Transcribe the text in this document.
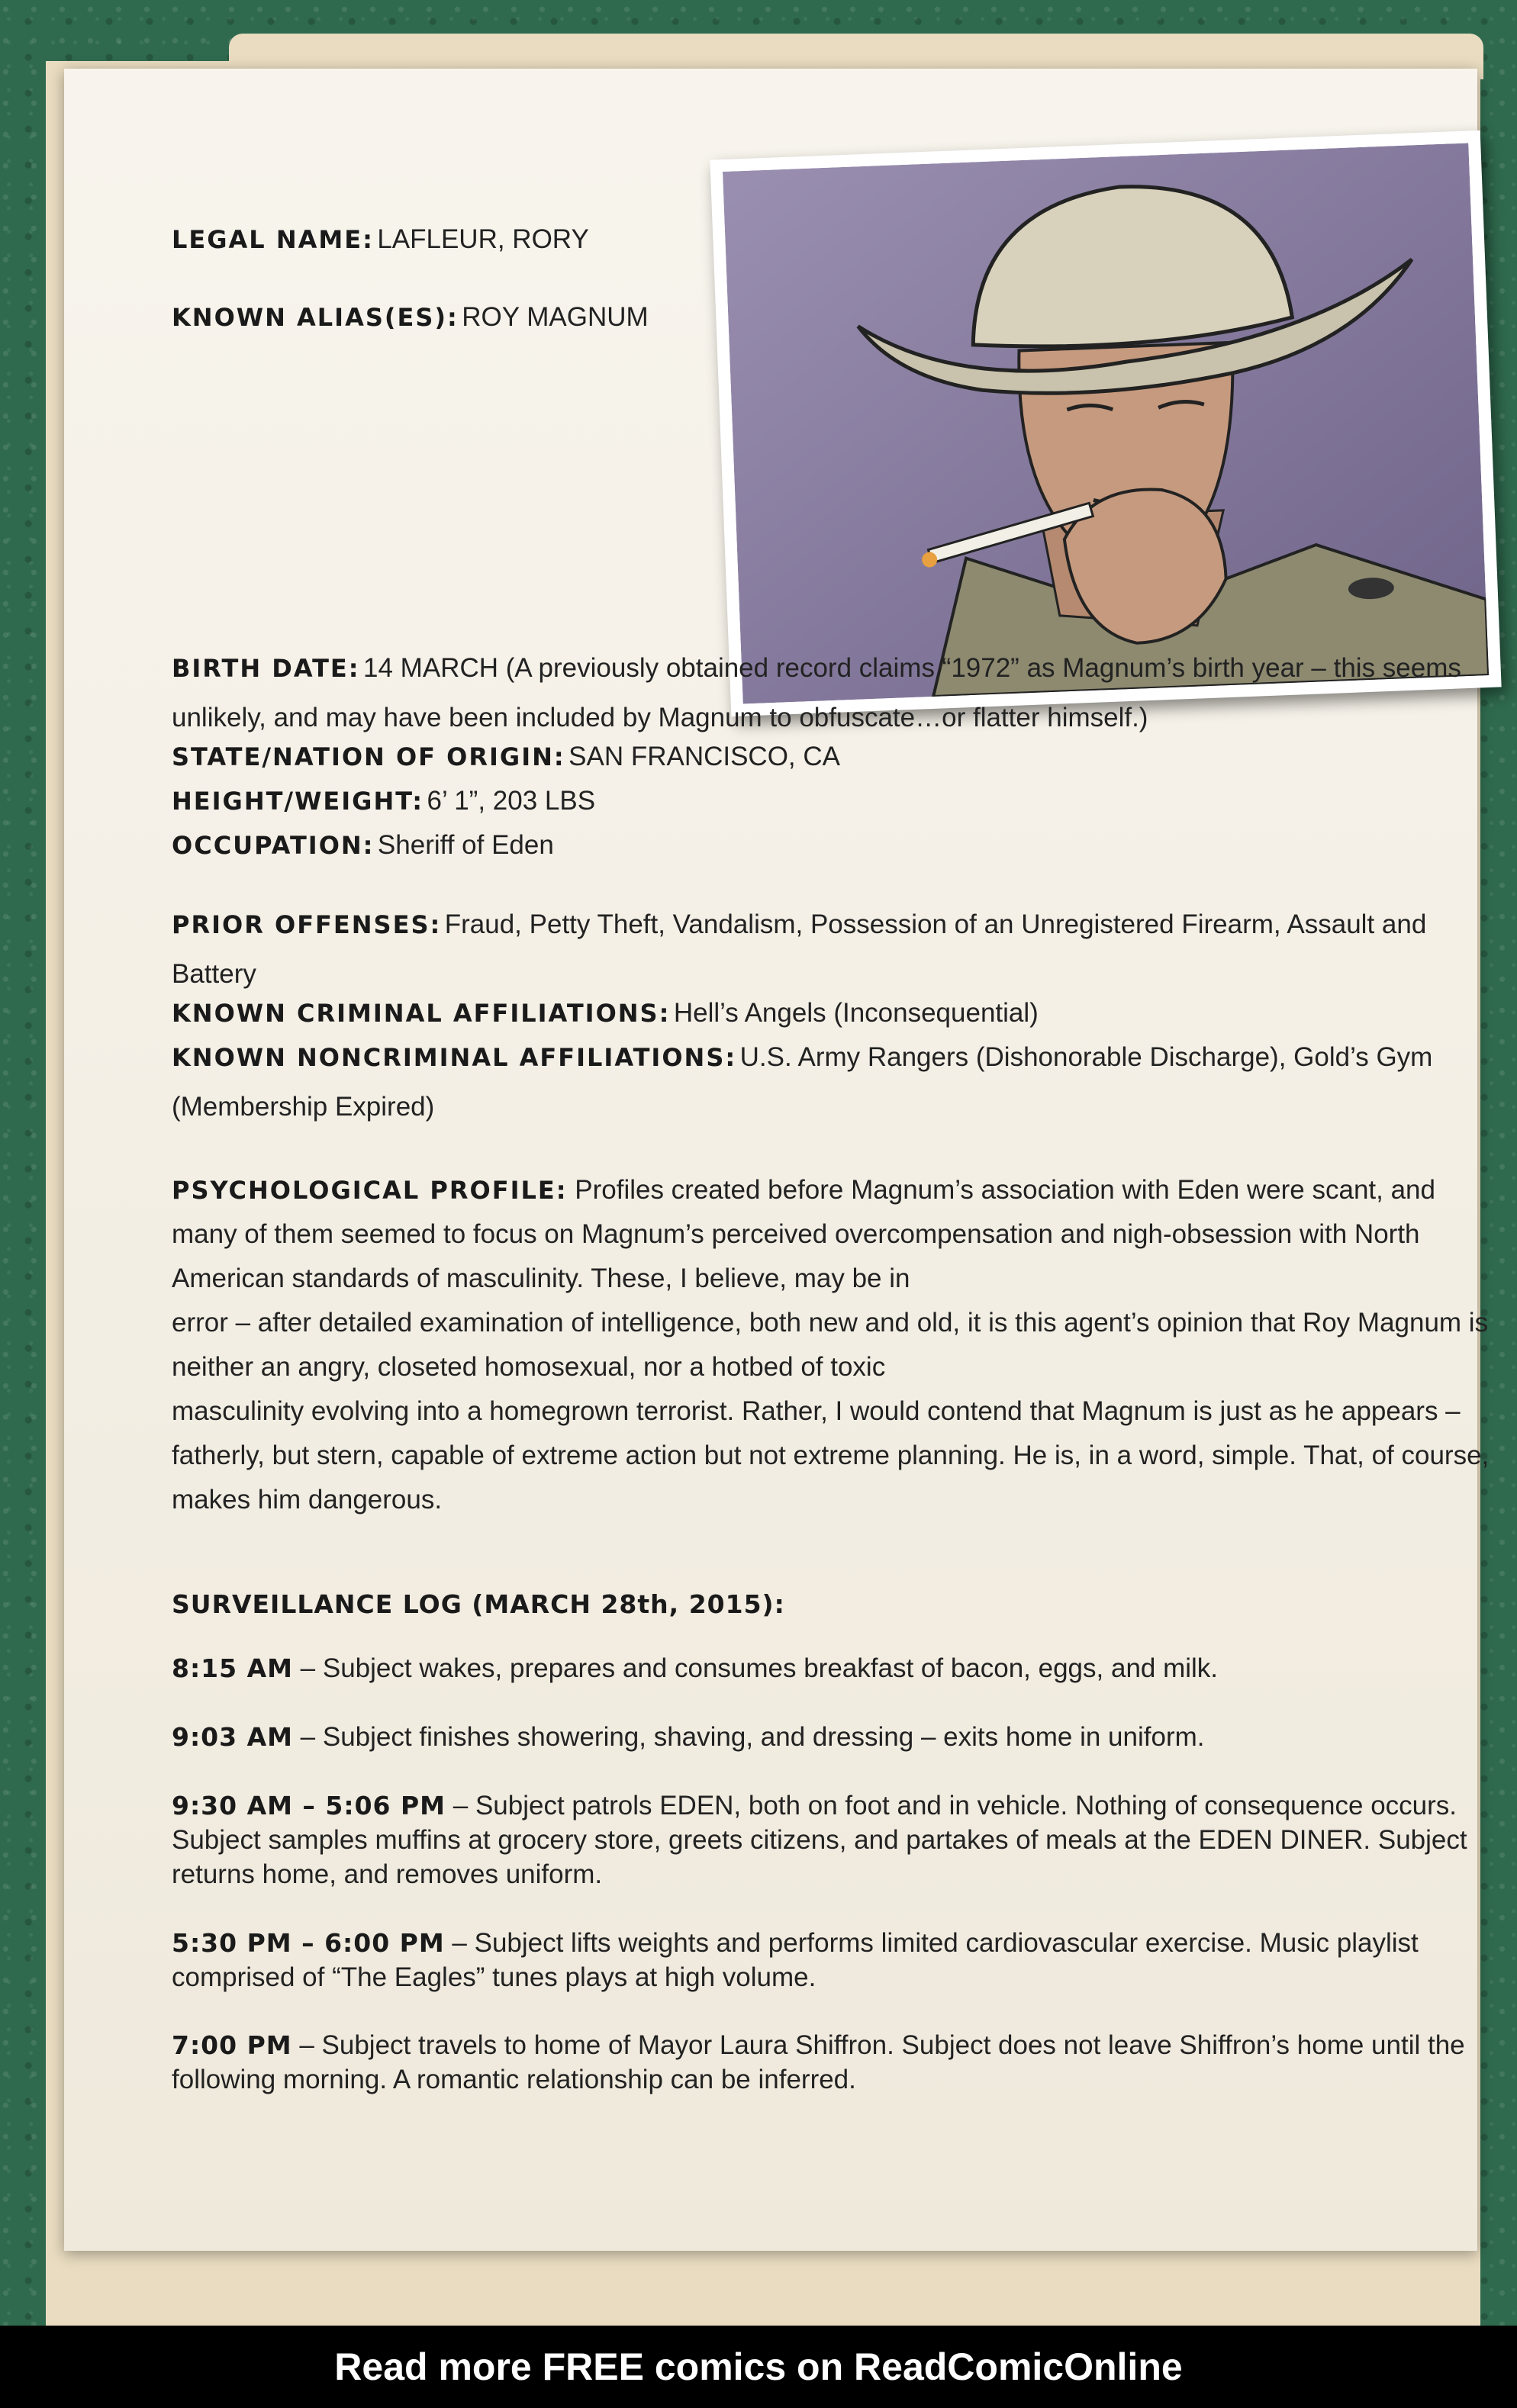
LEGAL NAME: LAFLEUR, RORY
KNOWN ALIAS(ES): ROY MAGNUM
BIRTH DATE: 14 MARCH (A previously obtained record claims “1972” as Magnum’s birth year – this seems unlikely, and may have been included by Magnum to obfuscate…or flatter himself.)
STATE/NATION OF ORIGIN: SAN FRANCISCO, CA
HEIGHT/WEIGHT: 6’ 1”, 203 LBS
OCCUPATION: Sheriff of Eden
PRIOR OFFENSES: Fraud, Petty Theft, Vandalism, Possession of an Unregistered Firearm, Assault and Battery
KNOWN CRIMINAL AFFILIATIONS: Hell’s Angels (Inconsequential)
KNOWN NONCRIMINAL AFFILIATIONS: U.S. Army Rangers (Dishonorable Discharge), Gold’s Gym (Membership Expired)
PSYCHOLOGICAL PROFILE: Profiles created before Magnum’s association with Eden were scant, and many of them seemed to focus on Magnum’s perceived overcompensation and nigh-obsession with North American standards of masculinity. These, I believe, may be in
error – after detailed examination of intelligence, both new and old, it is this agent’s opinion that Roy Magnum is neither an angry, closeted homosexual, nor a hotbed of toxic
masculinity evolving into a homegrown terrorist. Rather, I would contend that Magnum is just as he appears – fatherly, but stern, capable of extreme action but not extreme planning. He is, in a word, simple. That, of course, makes him dangerous.
SURVEILLANCE LOG (MARCH 28th, 2015):
8:15 AM – Subject wakes, prepares and consumes breakfast of bacon, eggs, and milk.
9:03 AM – Subject finishes showering, shaving, and dressing – exits home in uniform.
9:30 AM – 5:06 PM – Subject patrols EDEN, both on foot and in vehicle. Nothing of consequence occurs. Subject samples muffins at grocery store, greets citizens, and partakes of meals at the EDEN DINER. Subject returns home, and removes uniform.
5:30 PM – 6:00 PM – Subject lifts weights and performs limited cardiovascular exercise. Music playlist comprised of “The Eagles” tunes plays at high volume.
7:00 PM – Subject travels to home of Mayor Laura Shiffron. Subject does not leave Shiffron’s home until the following morning. A romantic relationship can be inferred.
Read more FREE comics on ReadComicOnline
